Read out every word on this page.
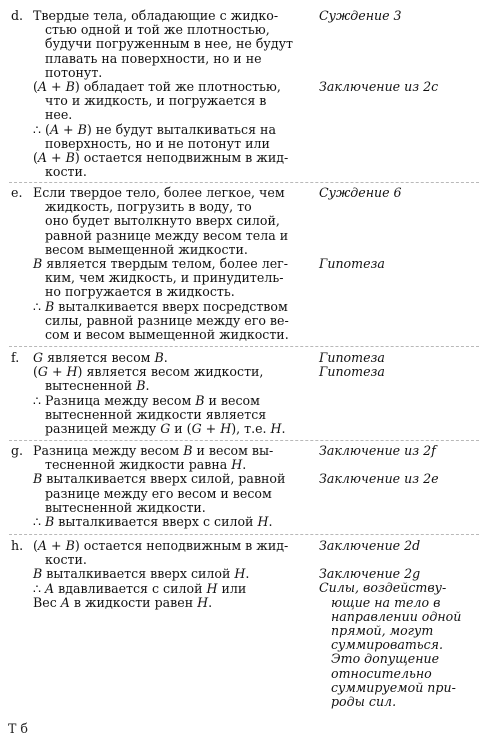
d. Твердые тела, обладающие с жидко-
стью одной и той же плотностью,
будучи погруженным в нее, не будут
плавать на поверхности, но и не
потонут.
(A + B) обладает той же плотностью,
что и жидкость, и погружается в
нее.
∴ (A + B) не будут выталкиваться на
поверхность, но и не потонут или
(A + B) остается неподвижным в жид-
кости.
Суждение 3
Заключение из 2c
e. Если твердое тело, более легкое, чем
жидкость, погрузить в воду, то
оно будет вытолкнуто вверх силой,
равной разнице между весом тела и
весом вымещенной жидкости.
B является твердым телом, более лег-
ким, чем жидкость, и принудитель-
но погружается в жидкость.
∴ B выталкивается вверх посредством
силы, равной разнице между его ве-
сом и весом вымещенной жидкости.
Суждение 6
Гипотеза
f. G является весом B.
(G + H) является весом жидкости,
вытесненной B.
∴ Разница между весом B и весом
вытесненной жидкости является
разницей между G и (G + H), т.е. H.
Гипотеза
Гипотеза
g. Разница между весом B и весом вы-
тесненной жидкости равна H.
B выталкивается вверх силой, равной
разнице между его весом и весом
вытесненной жидкости.
∴ B выталкивается вверх с силой H.
Заключение из 2f
Заключение из 2e
h. (A + B) остается неподвижным в жид-
кости.
B выталкивается вверх силой H.
∴ A вдавливается с силой H или
Вес A в жидкости равен H.
Заключение 2d
Заключение 2g
Силы, воздейству-
ющие на тело в
направлении одной
прямой, могут
суммироваться.
Это допущение
относительно
суммируемой при-
роды сил.
Т б
